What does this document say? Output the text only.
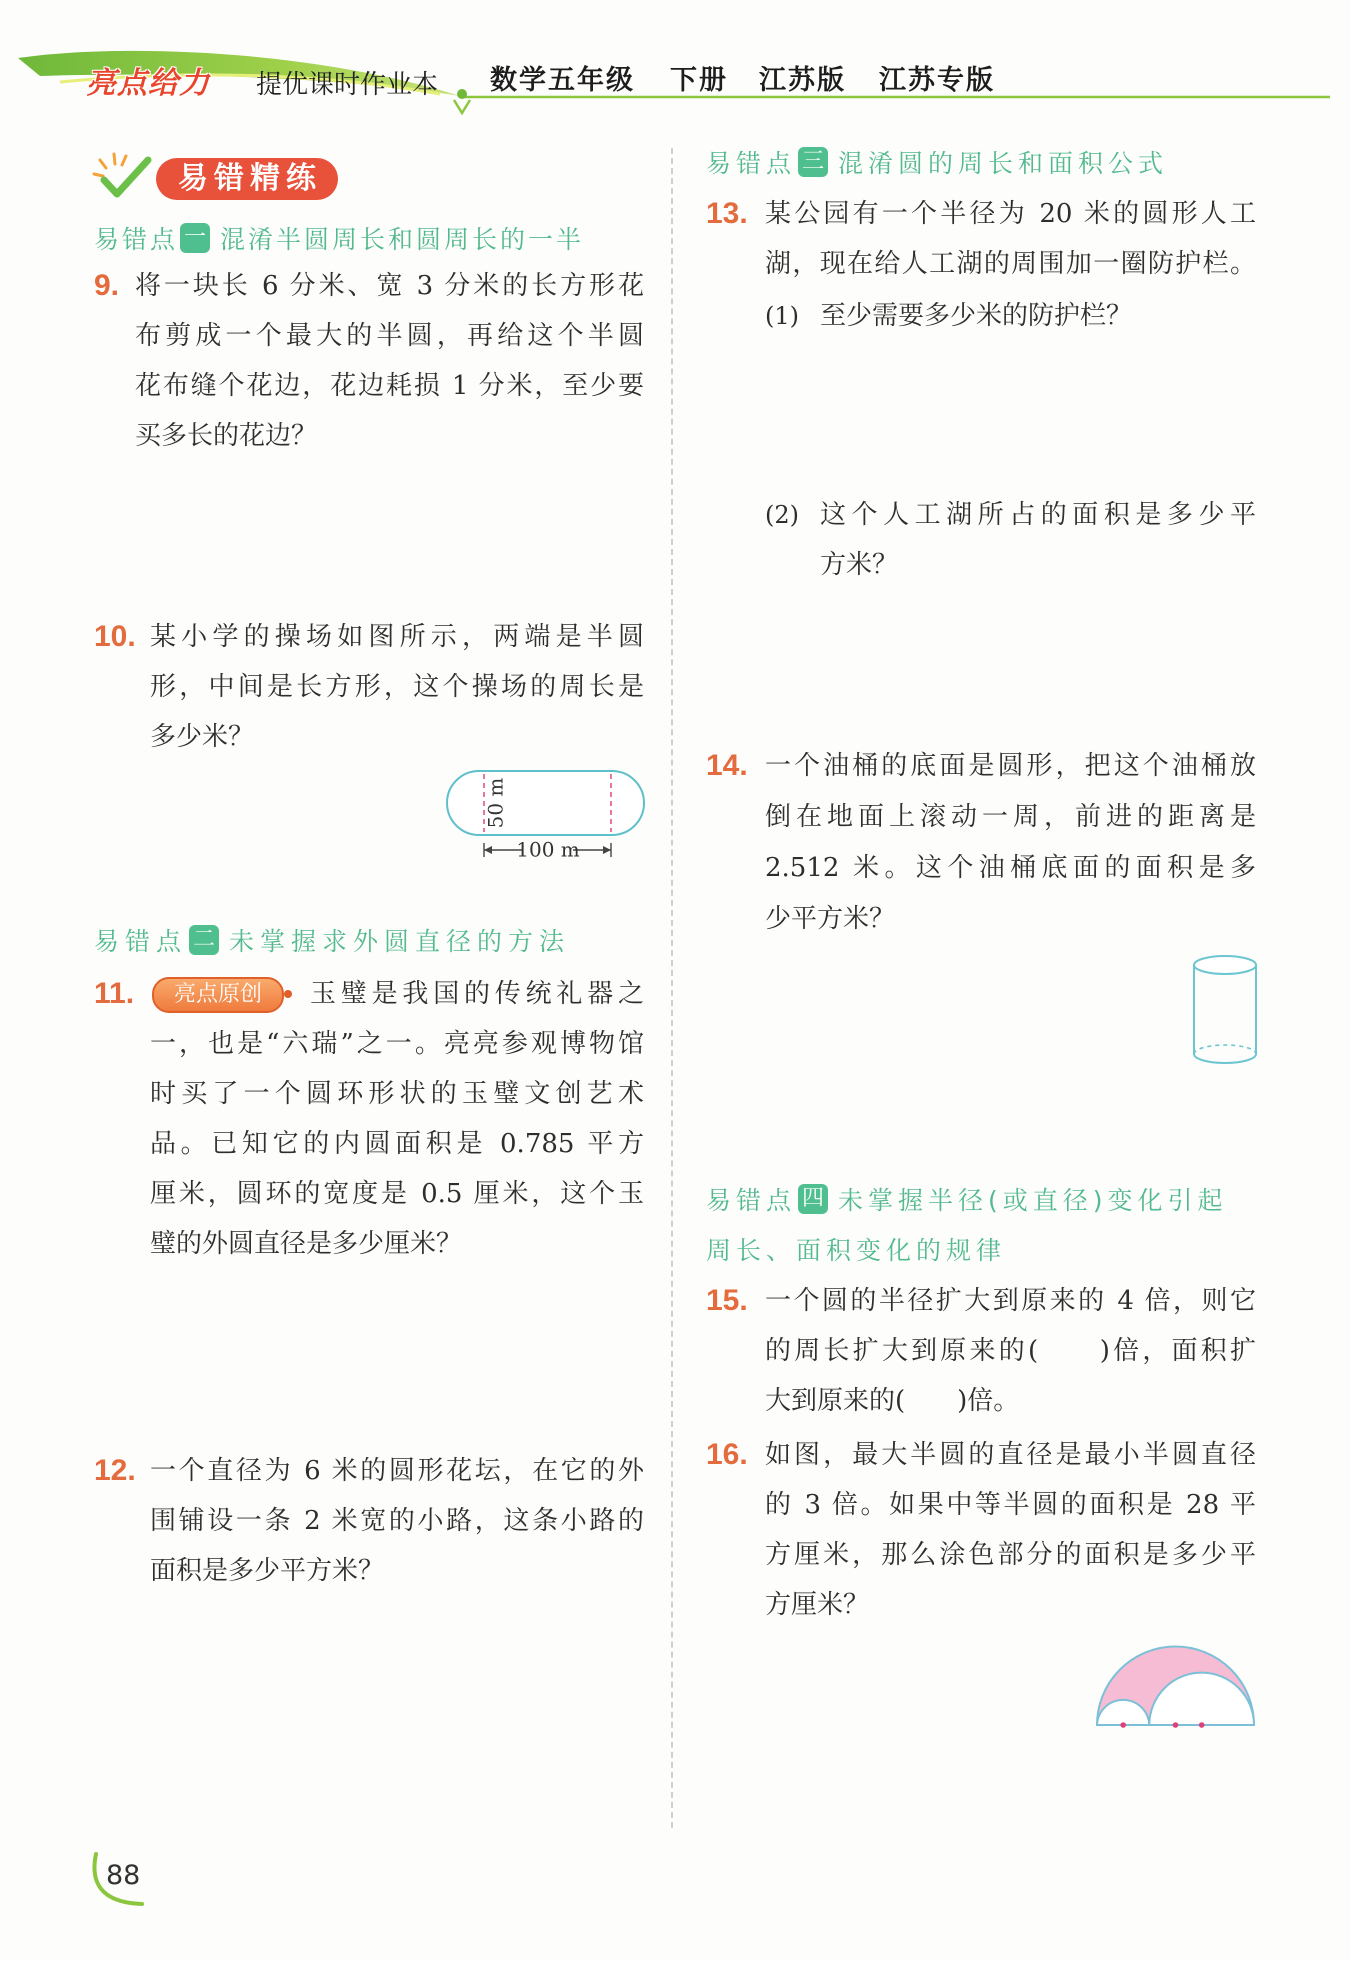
亮点给力 提优课时作业本 数学五年级 下册 江苏版 江苏专版
易错精练
易错点 一 混淆半圆周长和圆周长的一半
9. 将一块长 6 分米、宽 3 分米的长方形花
布剪成一个最大的半圆，再给这个半圆
花布缝个花边，花边耗损 1 分米，至少要
买多长的花边？
10. 某小学的操场如图所示，两端是半圆
形，中间是长方形，这个操场的周长是
多少米？
50 m
100 m
易错点 二 未掌握求外圆直径的方法
11.	亮点原创	玉璧是我国的传统礼器之
一，也是“六瑞”之一。亮亮参观博物馆
时买了一个圆环形状的玉璧文创艺术
品。已知它的内圆面积是 0.785 平方
厘米，圆环的宽度是 0.5 厘米，这个玉
璧的外圆直径是多少厘米？
12. 一个直径为 6 米的圆形花坛，在它的外
围铺设一条 2 米宽的小路，这条小路的
面积是多少平方米？
88
易错点 三 混淆圆的周长和面积公式
13. 某公园有一个半径为 20 米的圆形人工
湖，现在给人工湖的周围加一圈防护栏。
(1) 至少需要多少米的防护栏？
(2) 这个人工湖所占的面积是多少平
方米？
14. 一个油桶的底面是圆形，把这个油桶放
倒在地面上滚动一周，前进的距离是
2.512 米。这个油桶底面的面积是多
少平方米？
易错点 四 未掌握半径(或直径)变化引起
周长、面积变化的规律
15. 一个圆的半径扩大到原来的 4 倍，则它
的周长扩大到原来的(　　)倍，面积扩
大到原来的(　　)倍。
16. 如图，最大半圆的直径是最小半圆直径
的 3 倍。如果中等半圆的面积是 28 平
方厘米，那么涂色部分的面积是多少平
方厘米？
